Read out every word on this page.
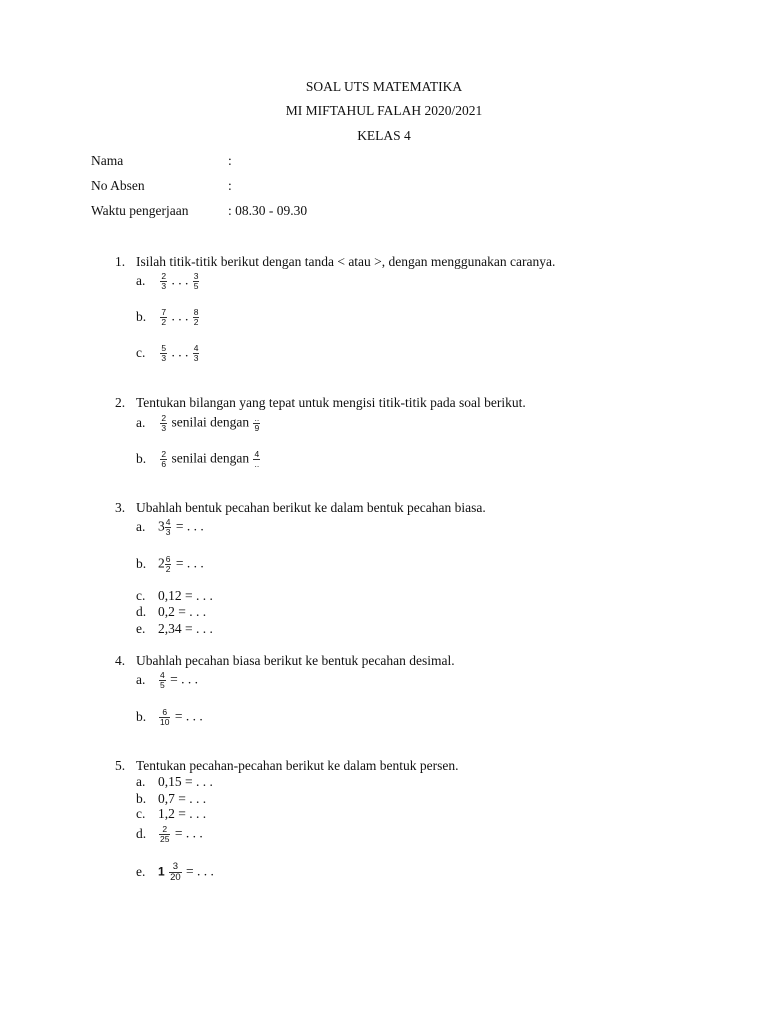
SOAL UTS MATEMATIKA
MI MIFTAHUL FALAH 2020/2021
KELAS 4
Nama	:
No Absen	:
Waktu pengerjaan	: 08.30 - 09.30
1. Isilah titik-titik berikut dengan tanda < atau >, dengan menggunakan caranya.
a. $\frac{2}{3}$ . . . $\frac{3}{5}$
b. $\frac{7}{2}$ . . . $\frac{8}{2}$
c. $\frac{5}{3}$ . . . $\frac{4}{3}$
2. Tentukan bilangan yang tepat untuk mengisi titik-titik pada soal berikut.
a. $\frac{2}{3}$ senilai dengan $\frac{..}{9}$
b. $\frac{2}{6}$ senilai dengan $\frac{4}{..}$
3. Ubahlah bentuk pecahan berikut ke dalam bentuk pecahan biasa.
a. $3 \frac{4}{3}$ = . . .
b. $2 \frac{6}{2}$ = . . .
c. 0,12 = . . .
d. 0,2 = . . .
e. 2,34 = . . .
4. Ubahlah pecahan biasa berikut ke bentuk pecahan desimal.
a. $\frac{4}{5}$ = . . .
b. $\frac{6}{10}$ = . . .
5. Tentukan pecahan-pecahan berikut ke dalam bentuk persen.
a. 0,15 = . . .
b. 0,7 = . . .
c. 1,2 = . . .
d. $\frac{2}{25}$ = . . .
e. $1 \frac{3}{20}$ = . . .
